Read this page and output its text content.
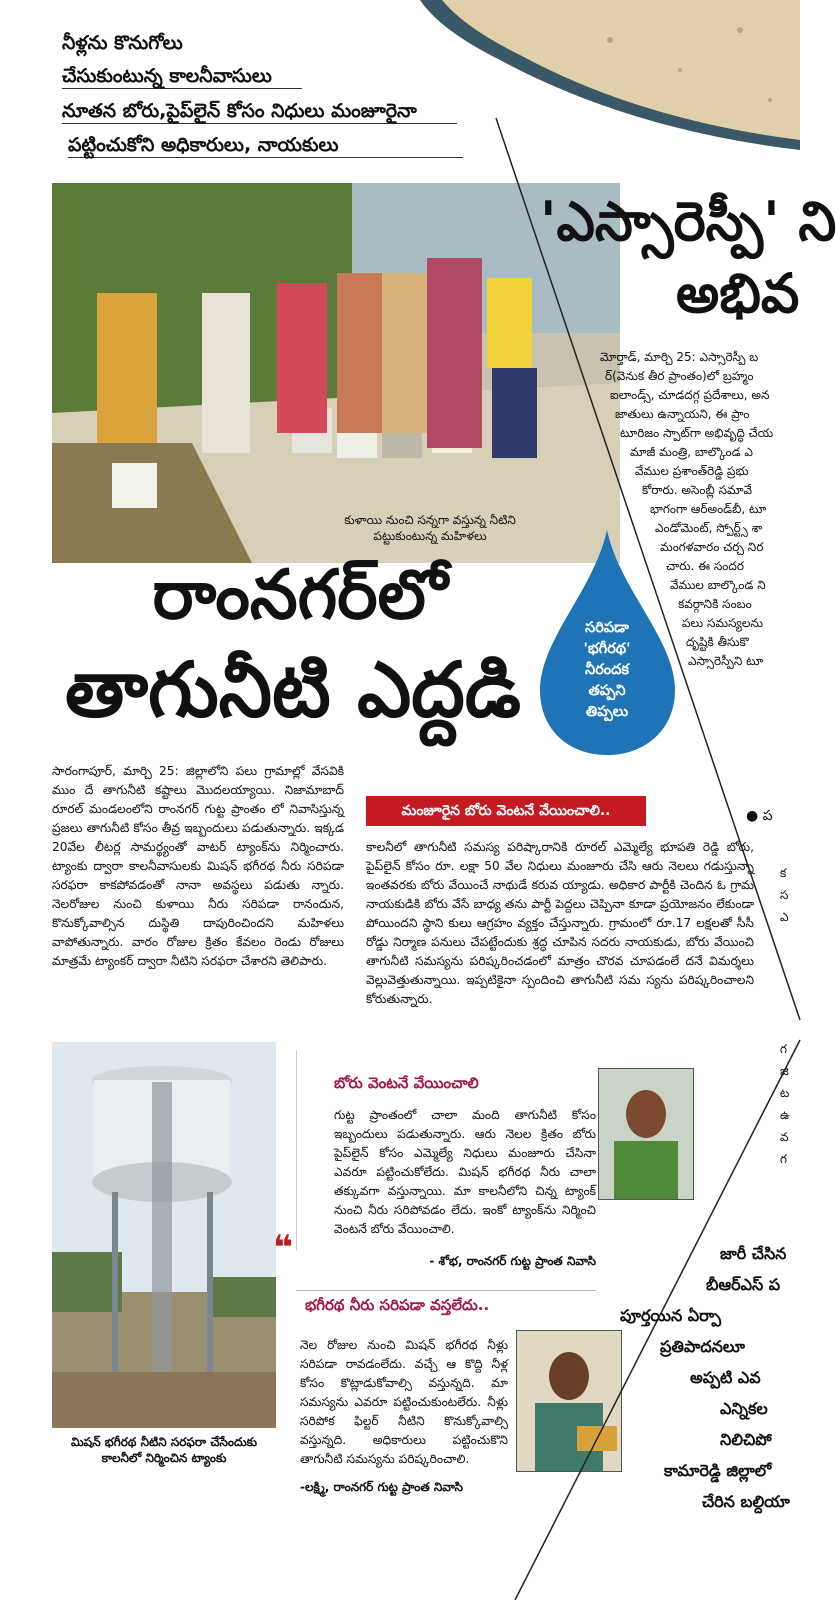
నీళ్లను కొనుగోలు
చేసుకుంటున్న కాలనీవాసులు
నూతన బోరు,పైప్‌లైన్ కోసం నిధులు మంజూరైనా
పట్టించుకోని అధికారులు, నాయకులు
కుళాయి నుంచి సన్నగా వస్తున్న నీటిని పట్టుకుంటున్న మహిళలు
రాంనగర్‌లో
తాగునీటి ఎద్దడి
సరిపడా
'భగీరథ'
నీరందక
తప్పని
తిప్పలు
సారంగాపూర్, మార్చి 25: జిల్లాలోని పలు గ్రామాల్లో వేసవికి ముం దే తాగునీటి కష్టాలు మొదలయ్యాయి. నిజామాబాద్ రూరల్ మండలంలోని రాంనగర్ గుట్ట ప్రాంతం లో నివాసిస్తున్న ప్రజలు తాగునీటి కోసం తీవ్ర ఇబ్బందులు పడుతున్నారు. ఇక్కడ 20వేల లీటర్ల సామర్థ్యంతో వాటర్ ట్యాంక్‌ను నిర్మించారు. ట్యాంకు ద్వారా కాలనీవాసులకు మిషన్ భగీరథ నీరు సరిపడా సరఫరా కాకపోవడంతో నానా అవస్థలు పడుతు న్నారు. నెలరోజుల నుంచి కుళాయి నీరు సరిపడా రానందున, కొనుక్కోవాల్సిన దుస్థితి దాపురించిందని మహిళలు వాపోతున్నారు. వారం రోజుల క్రితం కేవలం రెండు రోజులు మాత్రమే ట్యాంకర్ ద్వారా నీటిని సరఫరా చేశారని తెలిపారు.
మంజూరైన బోరు వెంటనే వేయించాలి..
కాలనీలో తాగునీటి సమస్య పరిష్కారానికి రూరల్ ఎమ్మెల్యే భూపతి రెడ్డి బోరు, పైప్‌లైన్ కోసం రూ. లక్షా 50 వేల నిధులు మంజూరు చేసి ఆరు నెలలు గడుస్తున్నా ఇంతవరకు బోరు వేయించే నాథుడే కరువ య్యాడు. అధికార పార్టీకి చెందిన ఓ గ్రామ నాయకుడికి బోరు వేసే బాధ్య తను పార్టీ పెద్దలు చెప్పినా కూడా ప్రయోజనం లేకుండా పోయిందని స్థాని కులు ఆగ్రహం వ్యక్తం చేస్తున్నారు. గ్రామంలో రూ.17 లక్షలతో సీసీ రోడ్డు నిర్మాణ పనులు చేపట్టేందుకు శ్రద్ధ చూపిన సదరు నాయకుడు, బోరు వేయించి తాగునీటి సమస్యను పరిష్కరించడంలో మాత్రం చొరవ చూపడంలే దనే విమర్శలు వెల్లువెత్తుతున్నాయి. ఇప్పటికైనా స్పందించి తాగునీటి సమ స్యను పరిష్కరించాలని కోరుతున్నారు.
మిషన్ భగీరథ నీటిని సరఫరా చేసేందుకు కాలనీలో నిర్మించిన ట్యాంకు
❝
బోరు వెంటనే వేయించాలి
గుట్ట ప్రాంతంలో చాలా మంది తాగునీటి కోసం ఇబ్బందులు పడుతున్నారు. ఆరు నెలల క్రితం బోరు పైప్‌లైన్ కోసం ఎమ్మెల్యే నిధులు మంజూరు చేసినా ఎవరూ పట్టించుకోలేదు. మిషన్ భగీరథ నీరు చాలా తక్కువగా వస్తున్నాయి. మా కాలనీలోని చిన్న ట్యాంక్ నుంచి నీరు సరిపోవడం లేదు. ఇంకో ట్యాంక్‌ను నిర్మించి వెంటనే బోరు వేయించాలి.
- శోభ, రాంనగర్ గుట్ట ప్రాంత నివాసి
భగీరథ నీరు సరిపడా వస్తలేదు..
నెల రోజుల నుంచి మిషన్ భగీరథ నీళ్లు సరిపడా రావడంలేదు. వచ్చే ఆ కొద్ది నీళ్ల కోసం కొట్లాడుకోవాల్సి వస్తున్నది. మా సమస్యను ఎవరూ పట్టించుకుంటలేరు. నీళ్లు సరిపోక ఫిల్టర్ నీటిని కొనుక్కోవాల్సి వస్తున్నది. అధికారులు పట్టించుకొని తాగునీటి సమస్యను పరిష్కరించాలి.
-లక్ష్మి, రాంనగర్ గుట్ట ప్రాంత నివాసి
'ఎస్సారెస్పీ' ని
అభివ
మోర్తాడ్, మార్చి 25: ఎస్సారెస్పీ బ
ర్(వెనుక తీర ప్రాంతం)లో బ్రహ్మం
ఐలాండ్స్, చూడదగ్గ ప్రదేశాలు, అన
జాతులు ఉన్నాయని, ఈ ప్రాం
టూరిజం స్పాట్‌గా అభివృద్ధి చేయ
మాజీ మంత్రి, బాల్కొండ ఎ
వేముల ప్రశాంత్‌రెడ్డి ప్రభు
కోరారు. అసెంబ్లీ సమావే
భాగంగా ఆర్అండ్‌బీ, టూ
ఎండోమెంట్, స్పోర్ట్స్ శా
మంగళవారం చర్చ నిర
చారు. ఈ సందర
వేముల బాల్కొండ ని
కవర్గానికి సంబం
పలు సమస్యలను
దృష్టికి తీసుకొ
ఎస్సారెస్పీని టూ
● ప
క
స
ఎ
గ
జి
ట
ఉ
వ
గ
జారీ చేసిన
బీఆర్ఎస్ ప
పూర్తయిన ఏర్పా
ప్రతిపాదనలూ
అప్పటి ఎవ
ఎన్నికల
నిలిచిపో
కామారెడ్డి జిల్లాలో
చేరిన బల్దియా
